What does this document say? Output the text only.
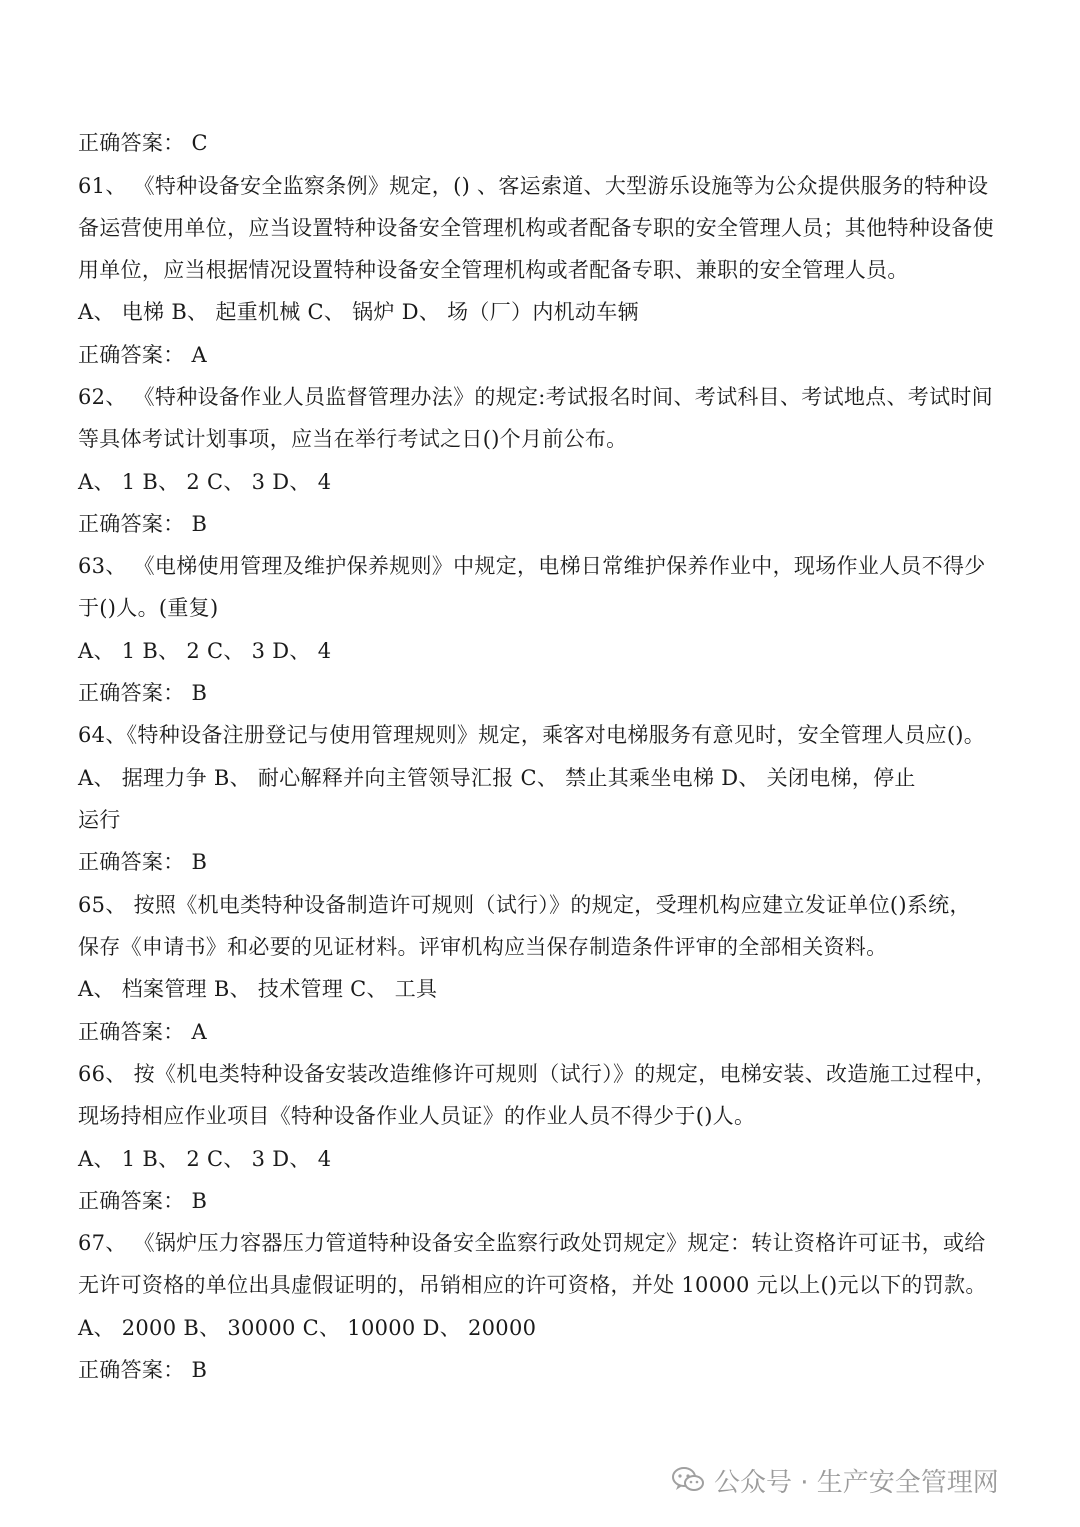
正确答案： C
61、 《特种设备安全监察条例》规定，() 、客运索道、大型游乐设施等为公众提供服务的特种设
备运营使用单位，应当设置特种设备安全管理机构或者配备专职的安全管理人员；其他特种设备使
用单位，应当根据情况设置特种设备安全管理机构或者配备专职、兼职的安全管理人员。
A、 电梯 B、 起重机械 C、 锅炉 D、 场（厂）内机动车辆
正确答案： A
62、 《特种设备作业人员监督管理办法》的规定:考试报名时间、考试科目、考试地点、考试时间
等具体考试计划事项，应当在举行考试之日()个月前公布。
A、 1 B、 2 C、 3 D、 4
正确答案： B
63、 《电梯使用管理及维护保养规则》中规定，电梯日常维护保养作业中，现场作业人员不得少
于()人。(重复)
A、 1 B、 2 C、 3 D、 4
正确答案： B
64、《特种设备注册登记与使用管理规则》规定，乘客对电梯服务有意见时，安全管理人员应()。
A、 据理力争 B、 耐心解释并向主管领导汇报 C、 禁止其乘坐电梯 D、 关闭电梯，停止
运行
正确答案： B
65、 按照《机电类特种设备制造许可规则（试行）》的规定，受理机构应建立发证单位()系统，
保存《申请书》和必要的见证材料。评审机构应当保存制造条件评审的全部相关资料。
A、 档案管理 B、 技术管理 C、 工具
正确答案： A
66、 按《机电类特种设备安装改造维修许可规则（试行）》的规定，电梯安装、改造施工过程中，
现场持相应作业项目《特种设备作业人员证》的作业人员不得少于()人。
A、 1 B、 2 C、 3 D、 4
正确答案： B
67、 《锅炉压力容器压力管道特种设备安全监察行政处罚规定》规定：转让资格许可证书，或给
无许可资格的单位出具虚假证明的，吊销相应的许可资格，并处 10000 元以上()元以下的罚款。
A、 2000 B、 30000 C、 10000 D、 20000
正确答案： B
公众号 · 生产安全管理网
